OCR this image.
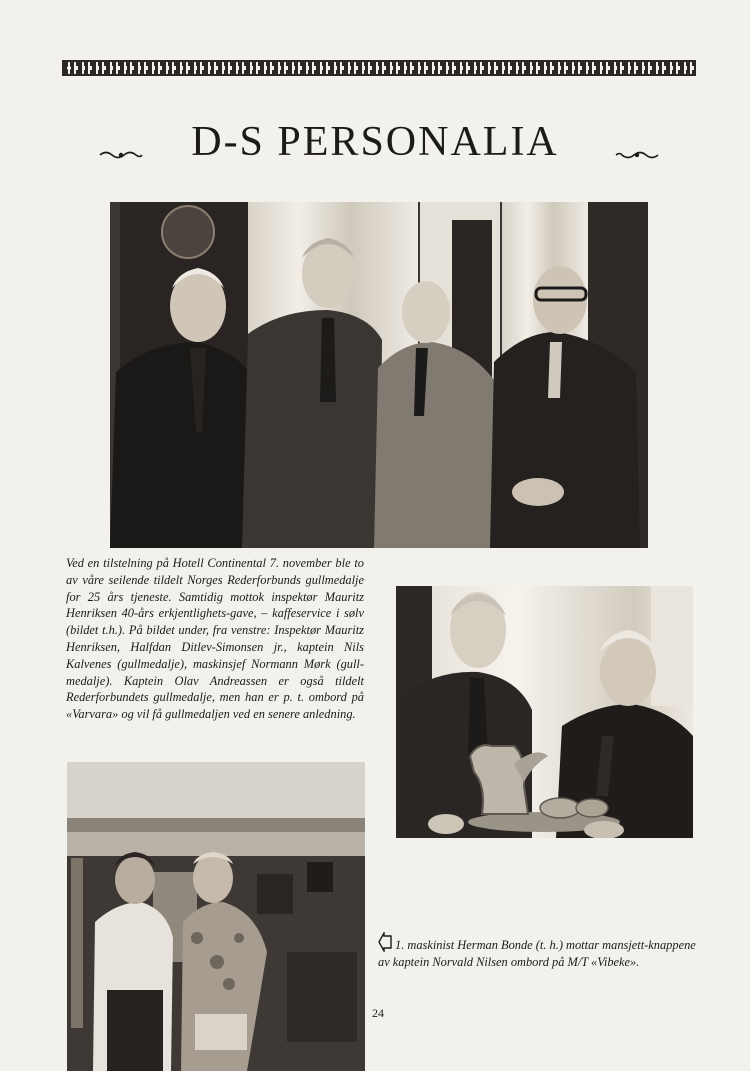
D-S PERSONALIA

Ved en tilstelning på Hotell Continental 7. november ble to av våre seilende tildelt Norges Rederforbunds gullmedalje for 25 års tjeneste. Samtidig mottok inspektør Mauritz Henriksen 40-års erkjentlighets-gave, – kaffeservice i sølv (bildet t.h.). På bildet under, fra venstre: Inspektør Mauritz Henriksen, Halfdan Ditlev-Simonsen jr., kaptein Nils Kalvenes (gullmedalje), maskinsjef Normann Mørk (gull-medalje). Kaptein Olav Andreassen er også tildelt Rederforbundets gullmedalje, men han er p. t. ombord på «Varvara» og vil få gullmedaljen ved en senere anledning.

1. maskinist Herman Bonde (t. h.) mottar mansjett-knappene av kaptein Norvald Nilsen ombord på M/T «Vibeke».
24
